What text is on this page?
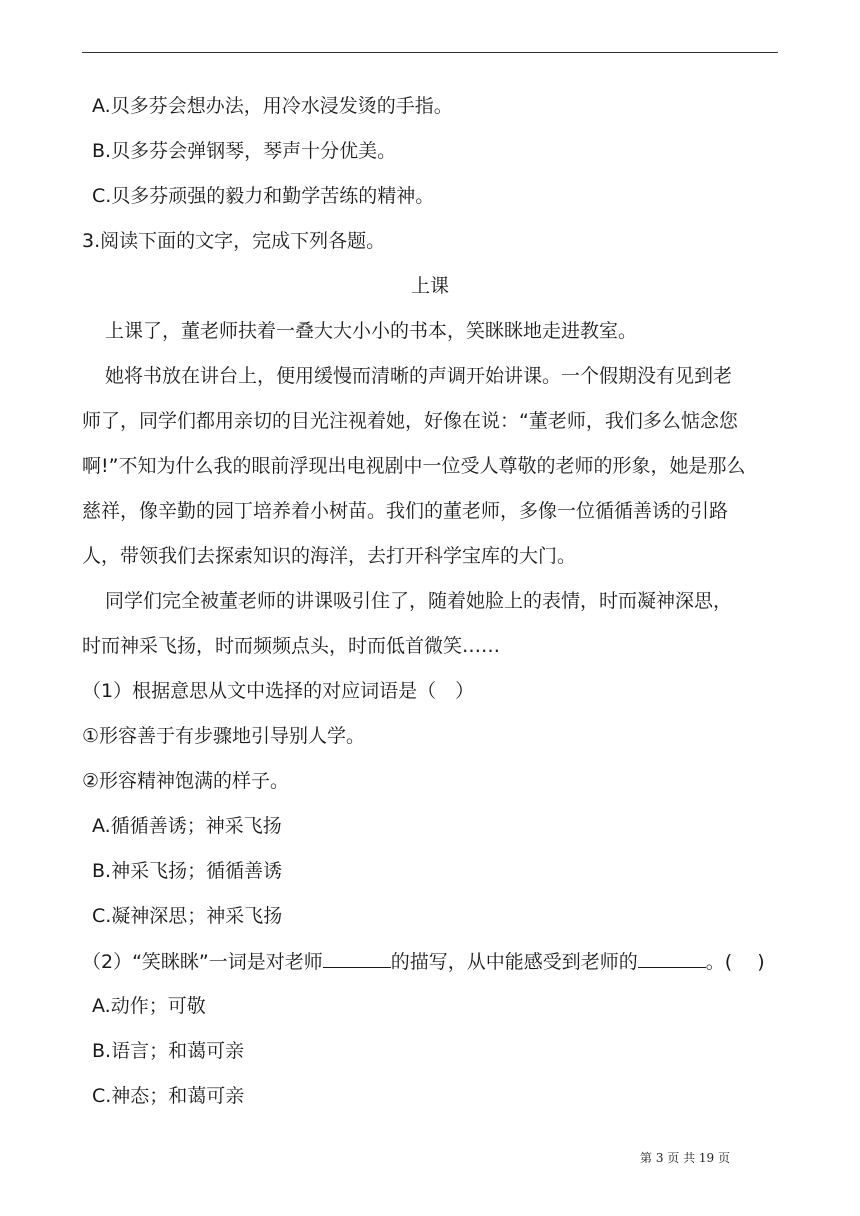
A.贝多芬会想办法，用冷水浸发烫的手指。
B.贝多芬会弹钢琴，琴声十分优美。
C.贝多芬顽强的毅力和勤学苦练的精神。
3.阅读下面的文字，完成下列各题。
上课
上课了，董老师扶着一叠大大小小的书本，笑眯眯地走进教室。
她将书放在讲台上，便用缓慢而清晰的声调开始讲课。一个假期没有见到老
师了，同学们都用亲切的目光注视着她，好像在说：“董老师，我们多么惦念您
啊!”不知为什么我的眼前浮现出电视剧中一位受人尊敬的老师的形象，她是那么
慈祥，像辛勤的园丁培养着小树苗。我们的董老师，多像一位循循善诱的引路
人，带领我们去探索知识的海洋，去打开科学宝库的大门。
同学们完全被董老师的讲课吸引住了，随着她脸上的表情，时而凝神深思，
时而神采飞扬，时而频频点头，时而低首微笑……
（1）根据意思从文中选择的对应词语是（　）
①形容善于有步骤地引导别人学。
②形容精神饱满的样子。
A.循循善诱；神采飞扬
B.神采飞扬；循循善诱
C.凝神深思；神采飞扬
（2）“笑眯眯”一词是对老师	的描写，从中能感受到老师的	。(　 )
A.动作；可敬
B.语言；和蔼可亲
C.神态；和蔼可亲
第 3 页 共 19 页
